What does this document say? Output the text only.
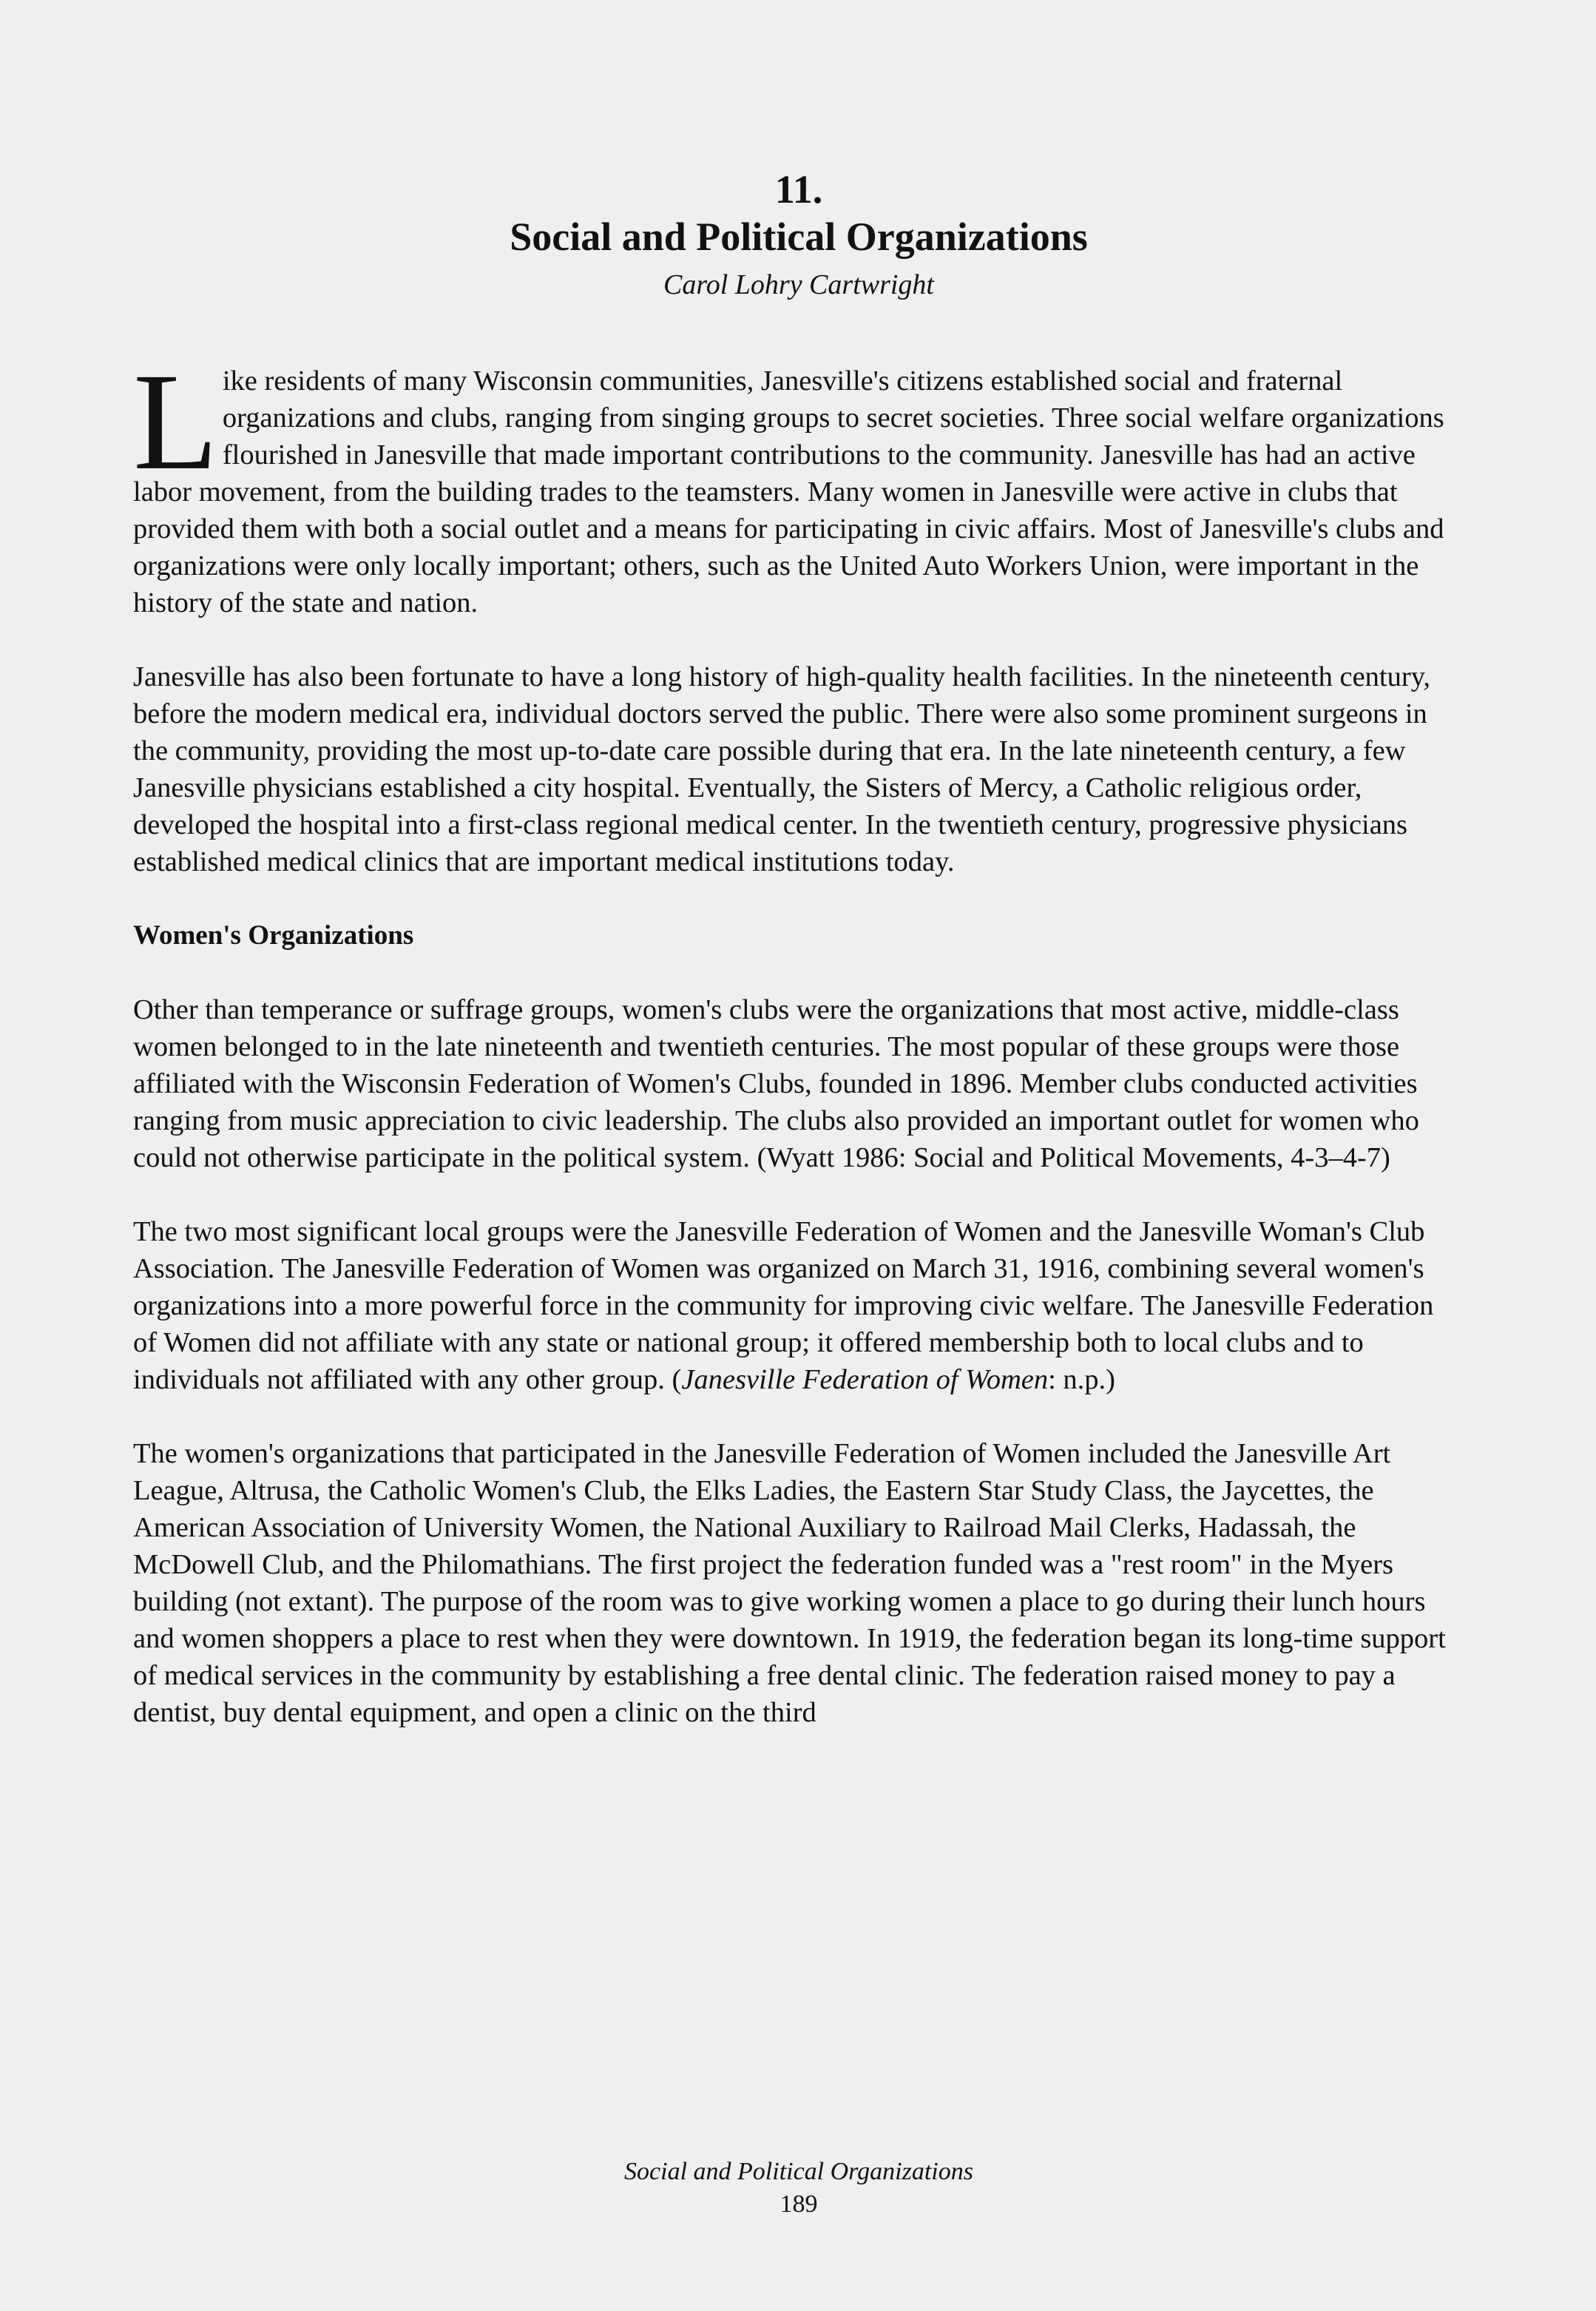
11.
Social and Political Organizations
Carol Lohry Cartwright

Like residents of many Wisconsin communities, Janesville's citizens established social and fraternal organizations and clubs, ranging from singing groups to secret societies. Three social welfare organizations flourished in Janesville that made important contributions to the community. Janesville has had an active labor movement, from the building trades to the teamsters. Many women in Janesville were active in clubs that provided them with both a social outlet and a means for participating in civic affairs. Most of Janesville's clubs and organizations were only locally important; others, such as the United Auto Workers Union, were important in the history of the state and nation.

Janesville has also been fortunate to have a long history of high-quality health facilities. In the nineteenth century, before the modern medical era, individual doctors served the public. There were also some prominent surgeons in the community, providing the most up-to-date care possible during that era. In the late nineteenth century, a few Janesville physicians established a city hospital. Eventually, the Sisters of Mercy, a Catholic religious order, developed the hospital into a first-class regional medical center. In the twentieth century, progressive physicians established medical clinics that are important medical institutions today.

Women's Organizations

Other than temperance or suffrage groups, women's clubs were the organizations that most active, middle-class women belonged to in the late nineteenth and twentieth centuries. The most popular of these groups were those affiliated with the Wisconsin Federation of Women's Clubs, founded in 1896. Member clubs conducted activities ranging from music appreciation to civic leadership. The clubs also provided an important outlet for women who could not otherwise participate in the political system. (Wyatt 1986: Social and Political Movements, 4-3–4-7)

The two most significant local groups were the Janesville Federation of Women and the Janesville Woman's Club Association. The Janesville Federation of Women was organized on March 31, 1916, combining several women's organizations into a more powerful force in the community for improving civic welfare. The Janesville Federation of Women did not affiliate with any state or national group; it offered membership both to local clubs and to individuals not affiliated with any other group. (Janesville Federation of Women: n.p.)

The women's organizations that participated in the Janesville Federation of Women included the Janesville Art League, Altrusa, the Catholic Women's Club, the Elks Ladies, the Eastern Star Study Class, the Jaycettes, the American Association of University Women, the National Auxiliary to Railroad Mail Clerks, Hadassah, the McDowell Club, and the Philomathians. The first project the federation funded was a "rest room" in the Myers building (not extant). The purpose of the room was to give working women a place to go during their lunch hours and women shoppers a place to rest when they were downtown. In 1919, the federation began its long-time support of medical services in the community by establishing a free dental clinic. The federation raised money to pay a dentist, buy dental equipment, and open a clinic on the third

Social and Political Organizations
189
